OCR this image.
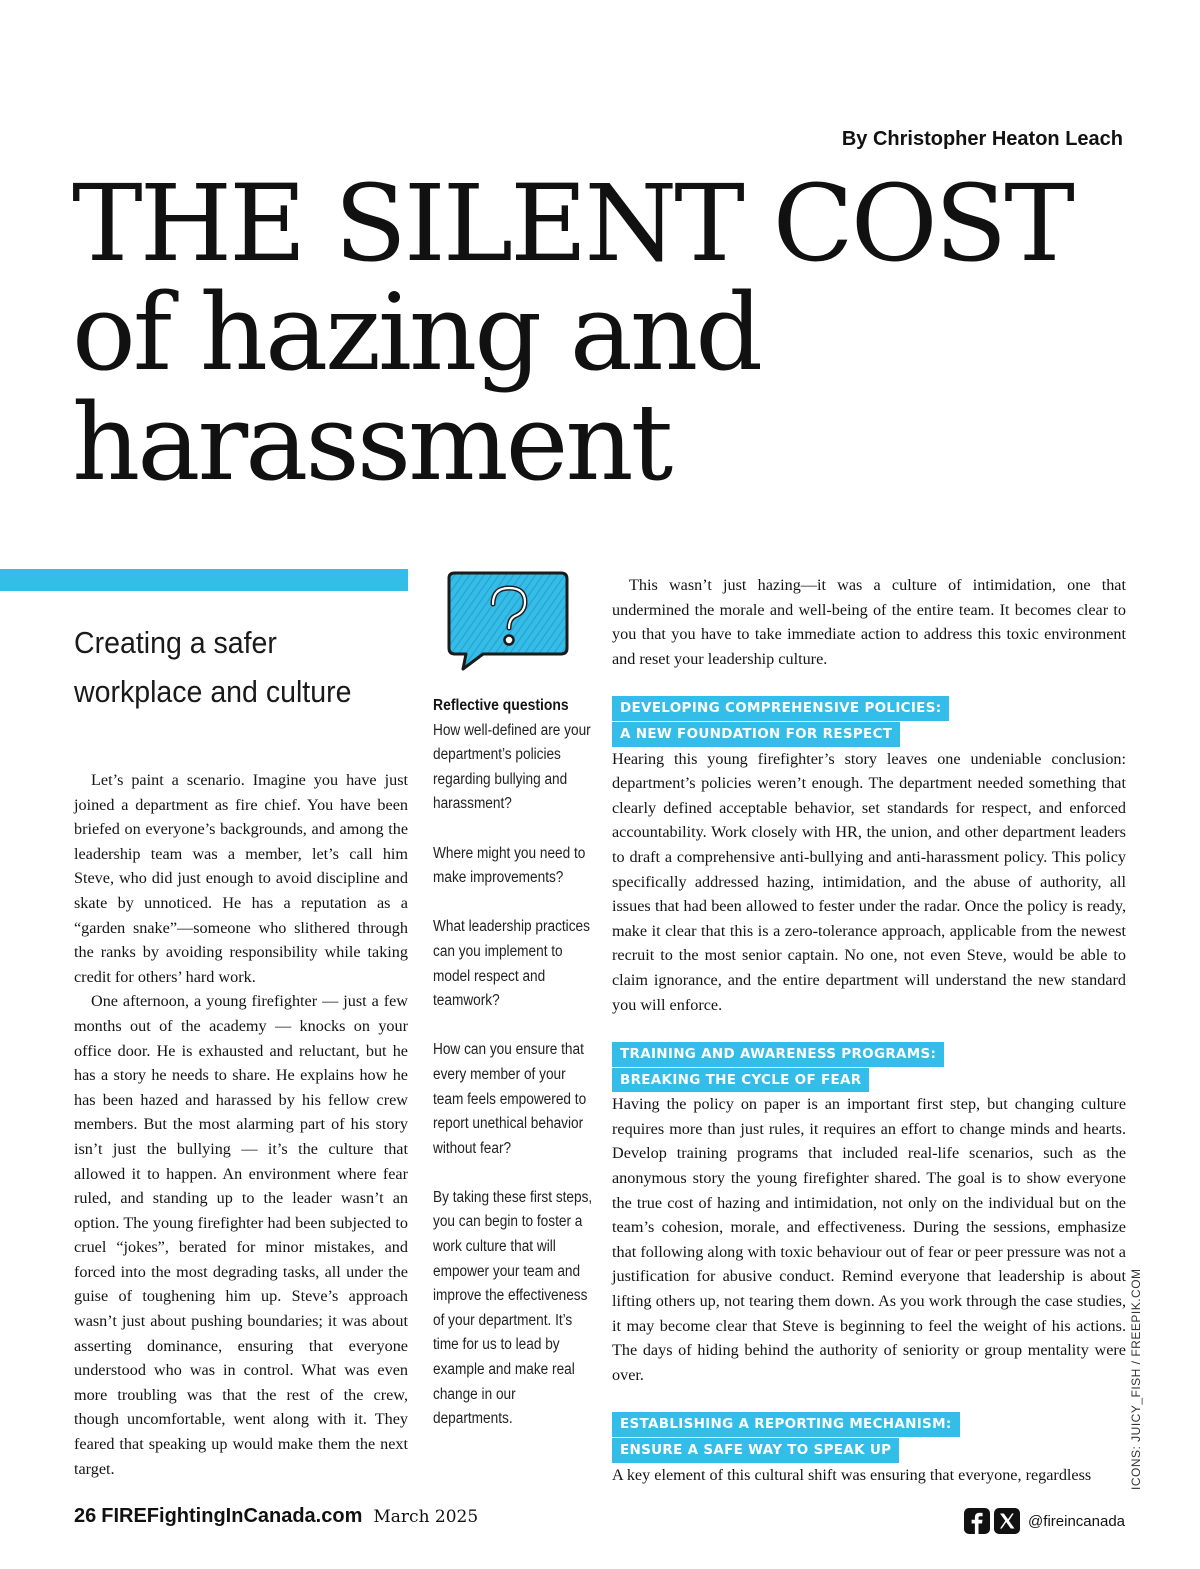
By Christopher Heaton Leach
THE SILENT COST
of hazing and
harassment
Creating a safer workplace and culture

Let’s paint a scenario. Imagine you have just joined a department as fire chief. You have been briefed on everyone’s backgrounds, and among the leadership team was a member, let’s call him Steve, who did just enough to avoid discipline and skate by unnoticed. He has a reputation as a “garden snake”—someone who slithered through the ranks by avoiding responsibility while taking credit for others’ hard work.

One afternoon, a young firefighter — just a few months out of the academy — knocks on your office door. He is exhausted and reluctant, but he has a story he needs to share. He explains how he has been hazed and harassed by his fellow crew members. But the most alarming part of his story isn’t just the bullying — it’s the culture that allowed it to happen. An environment where fear ruled, and standing up to the leader wasn’t an option. The young firefighter had been subjected to cruel “jokes”, berated for minor mistakes, and forced into the most degrading tasks, all under the guise of toughening him up. Steve’s approach wasn’t just about pushing boundaries; it was about asserting dominance, ensuring that everyone understood who was in control. What was even more troubling was that the rest of the crew, though uncomfortable, went along with it. They feared that speaking up would make them the next target.

Reflective questions

How well-defined are your department’s policies regarding bullying and harassment?

Where might you need to make improvements?

What leadership practices can you implement to model respect and teamwork?

How can you ensure that every member of your team feels empowered to report unethical behavior without fear?

By taking these first steps, you can begin to foster a work culture that will empower your team and improve the effectiveness of your department. It’s time for us to lead by example and make real change in our departments.

This wasn’t just hazing—it was a culture of intimidation, one that undermined the morale and well-being of the entire team. It becomes clear to you that you have to take immediate action to address this toxic environment and reset your leadership culture.

DEVELOPING COMPREHENSIVE POLICIES:
A NEW FOUNDATION FOR RESPECT

Hearing this young firefighter’s story leaves one undeniable conclusion: department’s policies weren’t enough. The department needed something that clearly defined acceptable behavior, set standards for respect, and enforced accountability. Work closely with HR, the union, and other department leaders to draft a comprehensive anti-bullying and anti-harassment policy. This policy specifically addressed hazing, intimidation, and the abuse of authority, all issues that had been allowed to fester under the radar. Once the policy is ready, make it clear that this is a zero-tolerance approach, applicable from the newest recruit to the most senior captain. No one, not even Steve, would be able to claim ignorance, and the entire department will understand the new standard you will enforce.

TRAINING AND AWARENESS PROGRAMS:
BREAKING THE CYCLE OF FEAR

Having the policy on paper is an important first step, but changing culture requires more than just rules, it requires an effort to change minds and hearts. Develop training programs that included real-life scenarios, such as the anonymous story the young firefighter shared. The goal is to show everyone the true cost of hazing and intimidation, not only on the individual but on the team’s cohesion, morale, and effectiveness. During the sessions, emphasize that following along with toxic behaviour out of fear or peer pressure was not a justification for abusive conduct. Remind everyone that leadership is about lifting others up, not tearing them down. As you work through the case studies, it may become clear that Steve is beginning to feel the weight of his actions. The days of hiding behind the authority of seniority or group mentality were over.

ESTABLISHING A REPORTING MECHANISM:
ENSURE A SAFE WAY TO SPEAK UP

A key element of this cultural shift was ensuring that everyone, regardless	ICONS: JUICY_FISH / FREEPIK.COM
26 FIREFightingInCanada.com March 2025	@fireincanada
